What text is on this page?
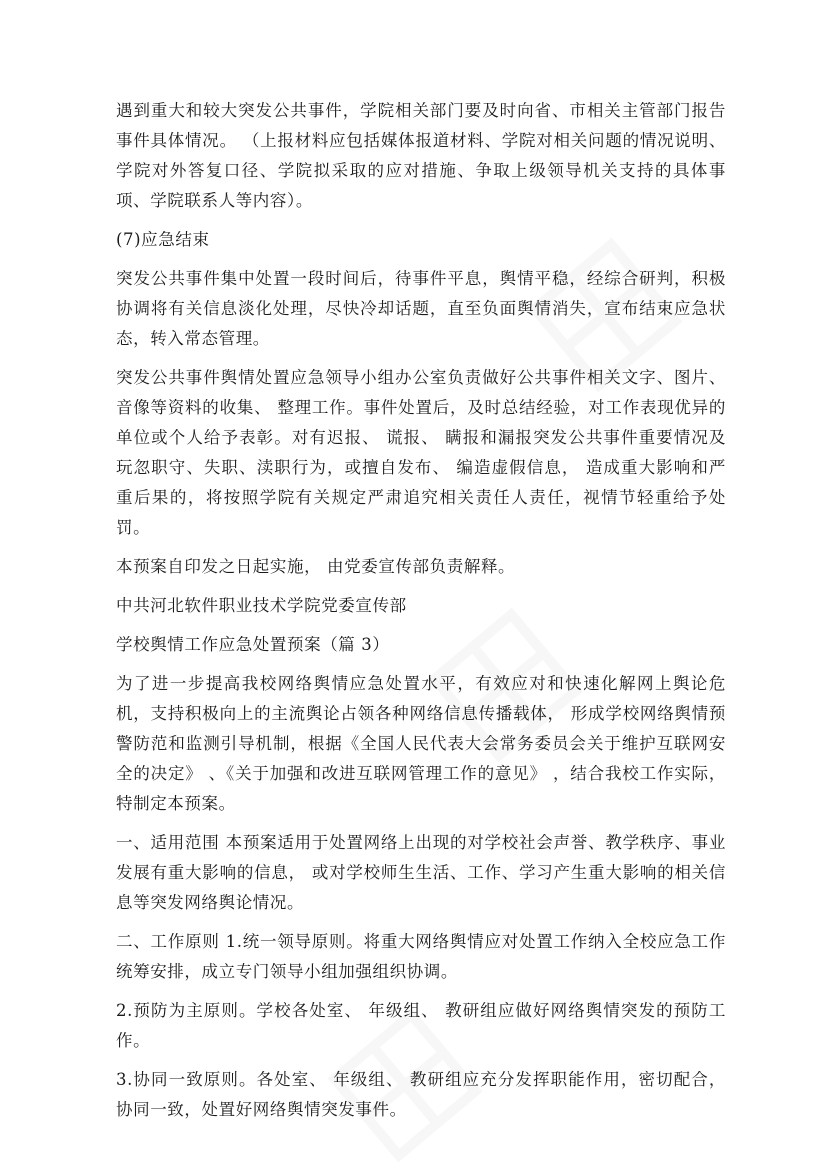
遇到重大和较大突发公共事件，学院相关部门要及时向省、市相关主管部门报告事件具体情况。 （上报材料应包括媒体报道材料、学院对相关问题的情况说明、学院对外答复口径、学院拟采取的应对措施、争取上级领导机关支持的具体事项、学院联系人等内容）。

(7)应急结束

突发公共事件集中处置一段时间后，待事件平息，舆情平稳，经综合研判，积极协调将有关信息淡化处理，尽快冷却话题，直至负面舆情消失，宣布结束应急状态，转入常态管理。

突发公共事件舆情处置应急领导小组办公室负责做好公共事件相关文字、图片、音像等资料的收集、 整理工作。事件处置后，及时总结经验，对工作表现优异的单位或个人给予表彰。对有迟报、 谎报、 瞒报和漏报突发公共事件重要情况及玩忽职守、失职、渎职行为，或擅自发布、 编造虚假信息， 造成重大影响和严重后果的，将按照学院有关规定严肃追究相关责任人责任，视情节轻重给予处罚。

本预案自印发之日起实施， 由党委宣传部负责解释。

中共河北软件职业技术学院党委宣传部

学校舆情工作应急处置预案（篇 3）

为了进一步提高我校网络舆情应急处置水平，有效应对和快速化解网上舆论危机，支持积极向上的主流舆论占领各种网络信息传播载体， 形成学校网络舆情预警防范和监测引导机制，根据《全国人民代表大会常务委员会关于维护互联网安全的决定》 、《关于加强和改进互联网管理工作的意见》 ，结合我校工作实际，特制定本预案。

一、适用范围 本预案适用于处置网络上出现的对学校社会声誉、教学秩序、事业发展有重大影响的信息， 或对学校师生生活、工作、学习产生重大影响的相关信息等突发网络舆论情况。

二、工作原则 1.统一领导原则。将重大网络舆情应对处置工作纳入全校应急工作统筹安排，成立专门领导小组加强组织协调。

2.预防为主原则。学校各处室、 年级组、 教研组应做好网络舆情突发的预防工作。

3.协同一致原则。各处室、 年级组、 教研组应充分发挥职能作用，密切配合，协同一致，处置好网络舆情突发事件。
